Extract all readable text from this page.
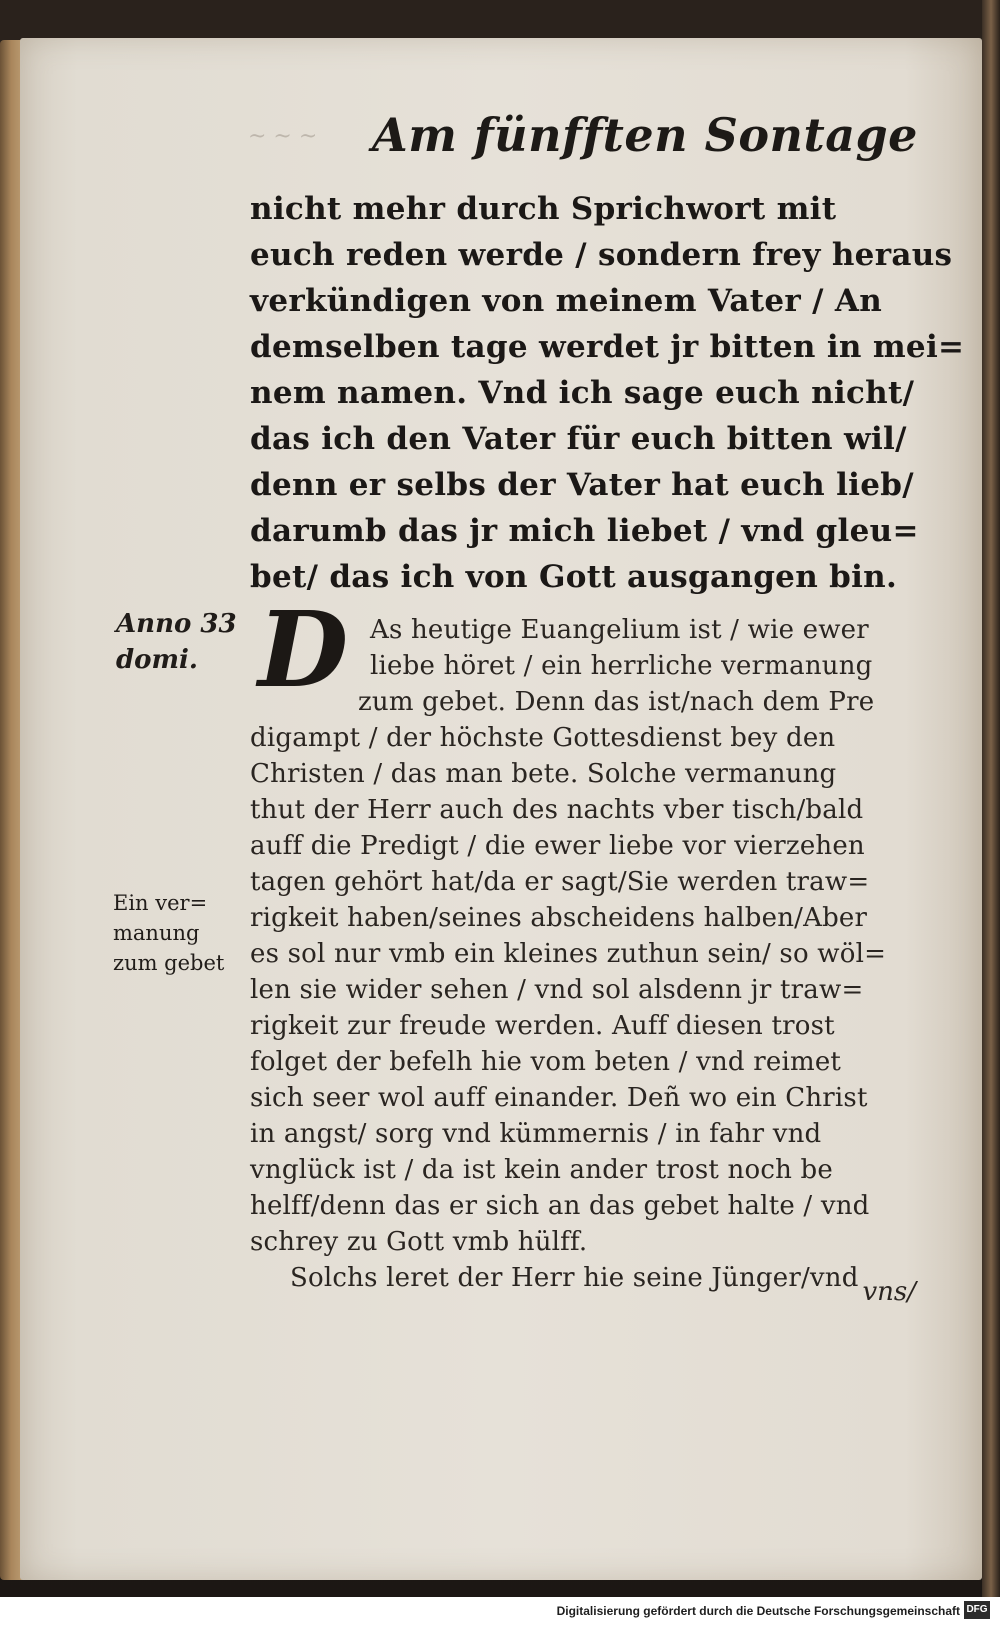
~ ~ ~ Am fünfften Sontage
nicht mehr durch Sprichwort mit
euch reden werde / sondern frey heraus
verkündigen von meinem Vater / An
demselben tage werdet jr bitten in mei=
nem namen. Vnd ich sage euch nicht/
das ich den Vater für euch bitten wil/
denn er selbs der Vater hat euch lieb/
darumb das jr mich liebet / vnd gleu=
bet/ das ich von Gott ausgangen bin.
D As heutige Euangelium ist / wie ewer
liebe höret / ein herrliche vermanung
zum gebet. Denn das ist/nach dem Pre
digampt / der höchste Gottesdienst bey den
Christen / das man bete. Solche vermanung
thut der Herr auch des nachts vber tisch/bald
auff die Predigt / die ewer liebe vor vierzehen
tagen gehört hat/da er sagt/Sie werden traw=
rigkeit haben/seines abscheidens halben/Aber
es sol nur vmb ein kleines zuthun sein/ so wöl=
len sie wider sehen / vnd sol alsdenn jr traw=
rigkeit zur freude werden. Auff diesen trost
folget der befelh hie vom beten / vnd reimet
sich seer wol auff einander. Deñ wo ein Christ
in angst/ sorg vnd kümmernis / in fahr vnd
vnglück ist / da ist kein ander trost noch be
helff/denn das er sich an das gebet halte / vnd
schrey zu Gott vmb hülff.
Solchs leret der Herr hie seine Jünger/vnd vns/
Anno 33
domi.
Ein ver=
manung
zum gebet
Digitalisierung gefördert durch die Deutsche Forschungsgemeinschaft DFG
